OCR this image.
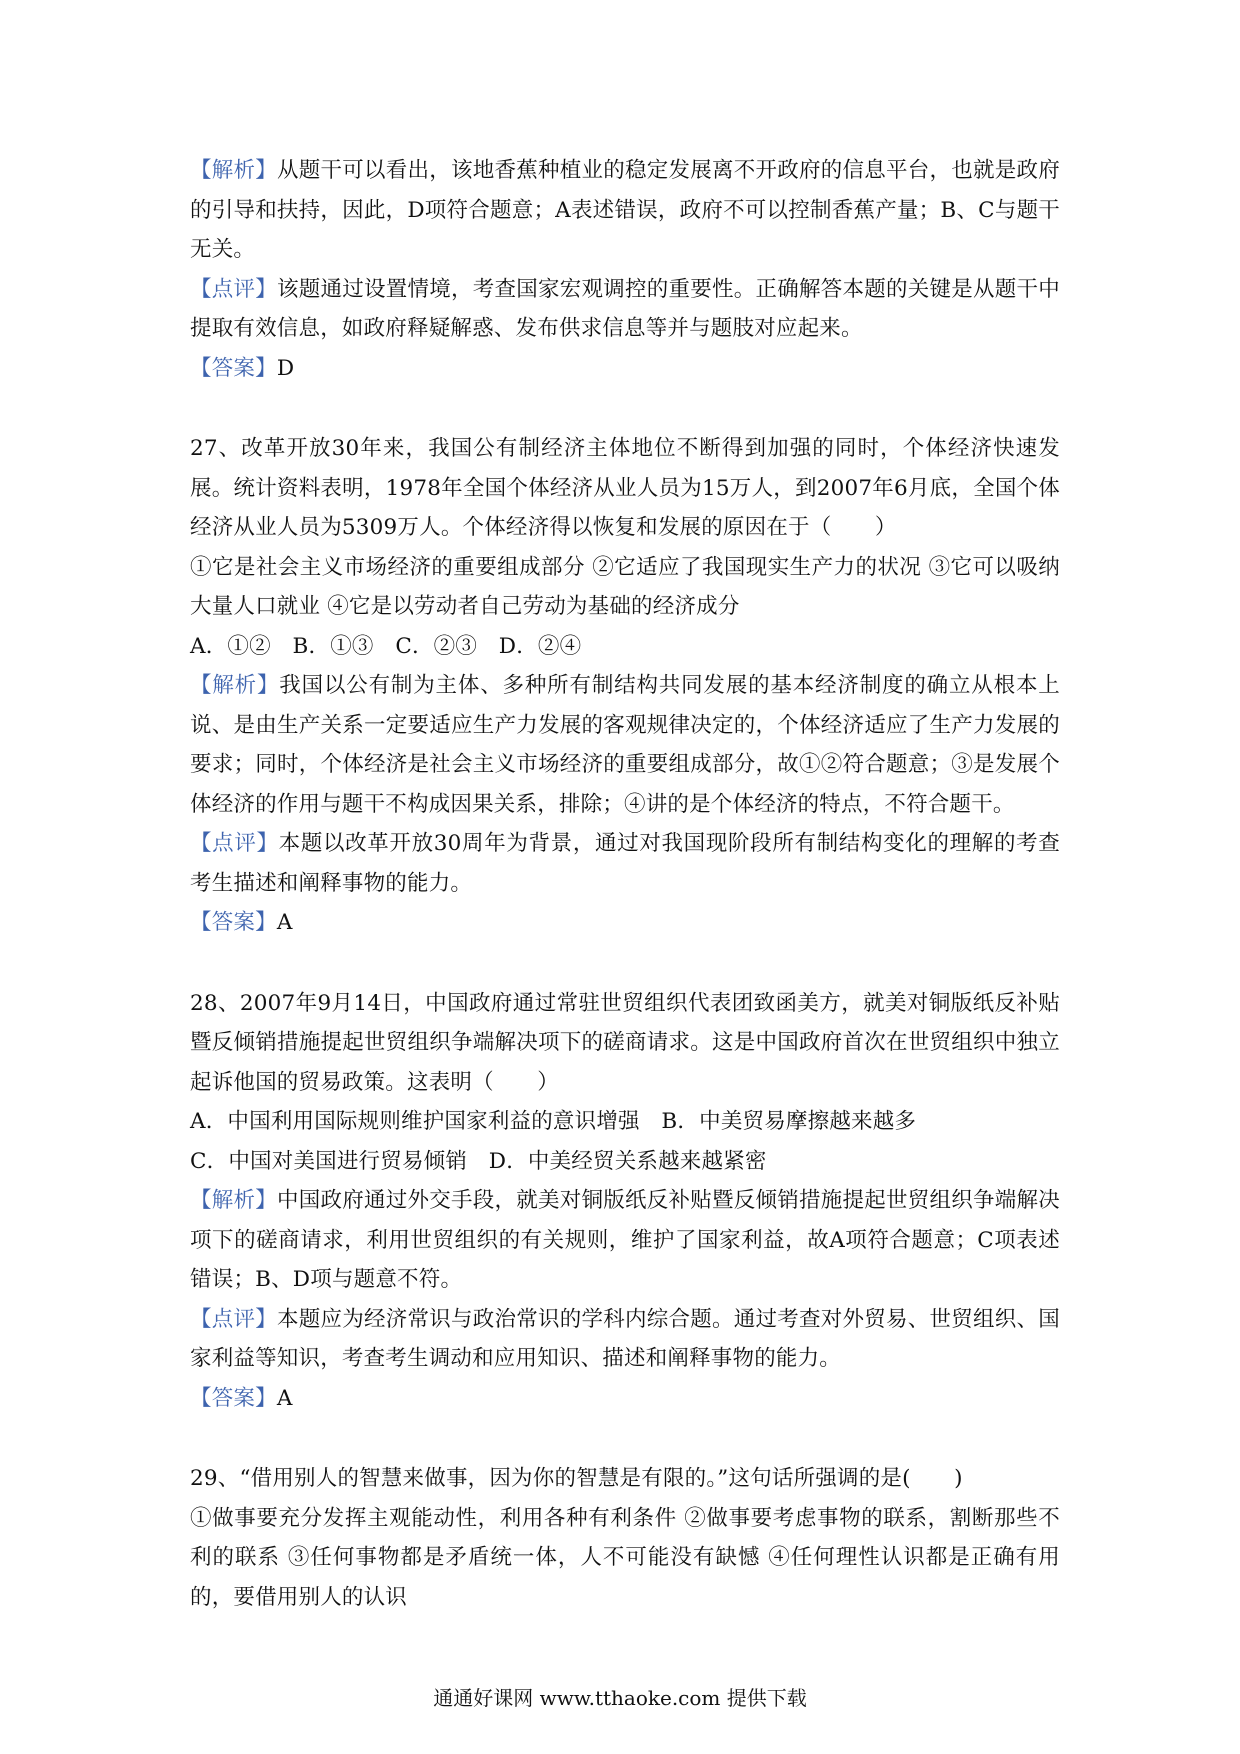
【解析】从题干可以看出，该地香蕉种植业的稳定发展离不开政府的信息平台，也就是政府的引导和扶持，因此，D项符合题意；A表述错误，政府不可以控制香蕉产量；B、C与题干无关。

【点评】该题通过设置情境，考查国家宏观调控的重要性。正确解答本题的关键是从题干中提取有效信息，如政府释疑解惑、发布供求信息等并与题肢对应起来。

【答案】D

27、改革开放30年来，我国公有制经济主体地位不断得到加强的同时，个体经济快速发展。统计资料表明，1978年全国个体经济从业人员为15万人，到2007年6月底，全国个体经济从业人员为5309万人。个体经济得以恢复和发展的原因在于（　　）

①它是社会主义市场经济的重要组成部分 ②它适应了我国现实生产力的状况 ③它可以吸纳大量人口就业 ④它是以劳动者自己劳动为基础的经济成分

A．①②　B．①③　C．②③　D．②④

【解析】我国以公有制为主体、多种所有制结构共同发展的基本经济制度的确立从根本上说、是由生产关系一定要适应生产力发展的客观规律决定的，个体经济适应了生产力发展的要求；同时，个体经济是社会主义市场经济的重要组成部分，故①②符合题意；③是发展个体经济的作用与题干不构成因果关系，排除；④讲的是个体经济的特点，不符合题干。

【点评】本题以改革开放30周年为背景，通过对我国现阶段所有制结构变化的理解的考查考生描述和阐释事物的能力。

【答案】A

28、2007年9月14日，中国政府通过常驻世贸组织代表团致函美方，就美对铜版纸反补贴暨反倾销措施提起世贸组织争端解决项下的磋商请求。这是中国政府首次在世贸组织中独立起诉他国的贸易政策。这表明（　　）

A．中国利用国际规则维护国家利益的意识增强　B．中美贸易摩擦越来越多

C．中国对美国进行贸易倾销　D．中美经贸关系越来越紧密

【解析】中国政府通过外交手段，就美对铜版纸反补贴暨反倾销措施提起世贸组织争端解决项下的磋商请求，利用世贸组织的有关规则，维护了国家利益，故A项符合题意；C项表述错误；B、D项与题意不符。

【点评】本题应为经济常识与政治常识的学科内综合题。通过考查对外贸易、世贸组织、国家利益等知识，考查考生调动和应用知识、描述和阐释事物的能力。

【答案】A

29、“借用别人的智慧来做事，因为你的智慧是有限的。”这句话所强调的是(　　)

①做事要充分发挥主观能动性，利用各种有利条件 ②做事要考虑事物的联系，割断那些不利的联系 ③任何事物都是矛盾统一体，人不可能没有缺憾 ④任何理性认识都是正确有用的，要借用别人的认识

通通好课网 www.tthaoke.com 提供下载
